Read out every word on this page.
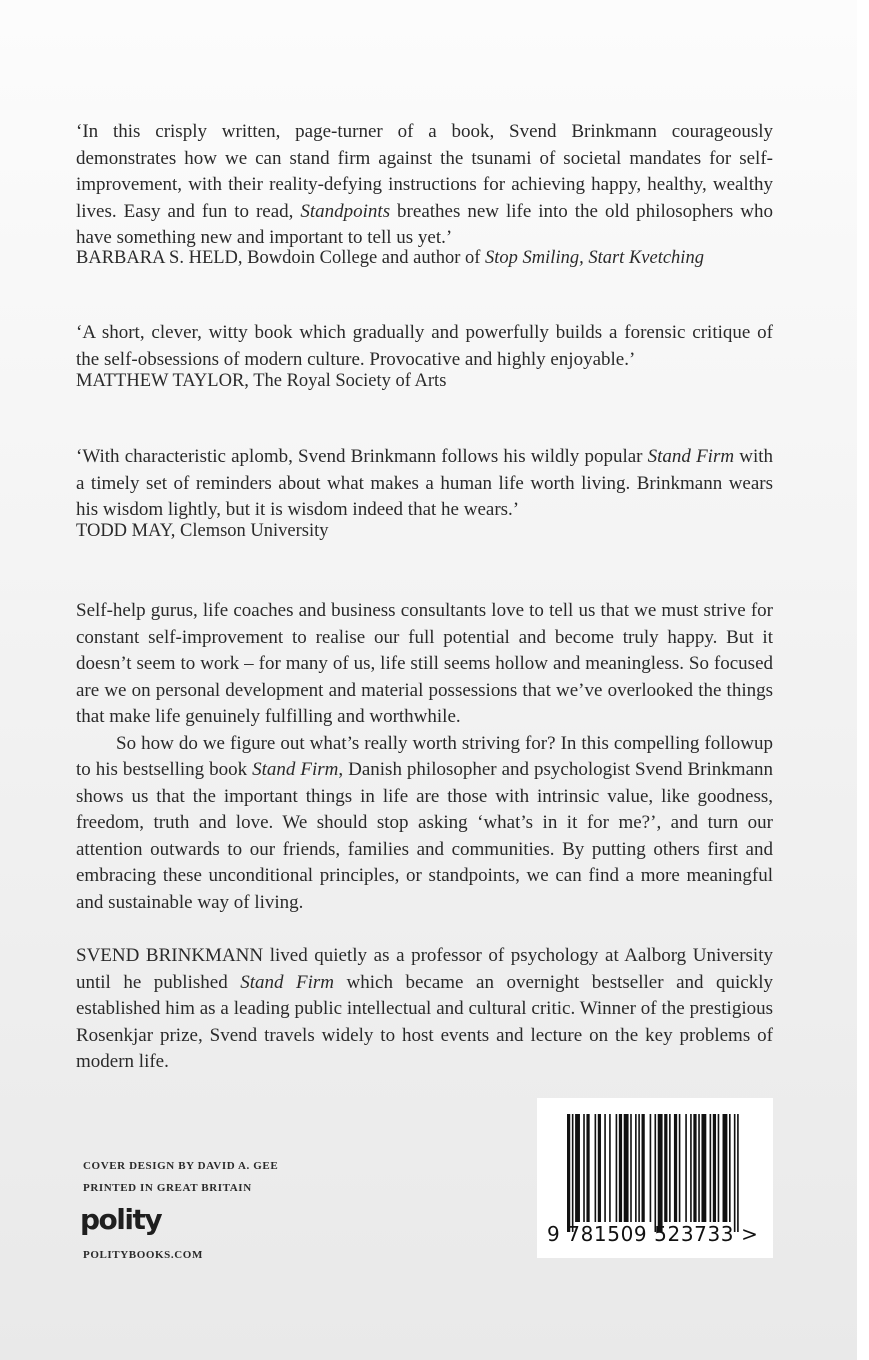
‘In this crisply written, page-turner of a book, Svend Brinkmann courageously demonstrates how we can stand firm against the tsunami of societal mandates for self-improvement, with their reality-defying instructions for achieving happy, healthy, wealthy lives. Easy and fun to read, Standpoints breathes new life into the old philosophers who have something new and important to tell us yet.’

BARBARA S. HELD, Bowdoin College and author of Stop Smiling, Start Kvetching

‘A short, clever, witty book which gradually and powerfully builds a forensic critique of the self-obsessions of modern culture. Provocative and highly enjoyable.’

MATTHEW TAYLOR, The Royal Society of Arts

‘With characteristic aplomb, Svend Brinkmann follows his wildly popular Stand Firm with a timely set of reminders about what makes a human life worth living. Brinkmann wears his wisdom lightly, but it is wisdom indeed that he wears.’

TODD MAY, Clemson University

Self-help gurus, life coaches and business consultants love to tell us that we must strive for constant self-improvement to realise our full potential and become truly happy. But it doesn’t seem to work – for many of us, life still seems hollow and meaningless. So focused are we on personal development and material possessions that we’ve overlooked the things that make life genuinely fulfilling and worthwhile.

So how do we figure out what’s really worth striving for? In this compelling followup to his bestselling book Stand Firm, Danish philosopher and psychologist Svend Brinkmann shows us that the important things in life are those with intrinsic value, like goodness, freedom, truth and love. We should stop asking ‘what’s in it for me?’, and turn our attention outwards to our friends, families and communities. By putting others first and embracing these unconditional principles, or standpoints, we can find a more meaningful and sustainable way of living.

SVEND BRINKMANN lived quietly as a professor of psychology at Aalborg University until he published Stand Firm which became an overnight bestseller and quickly established him as a leading public intellectual and cultural critic. Winner of the prestigious Rosenkjar prize, Svend travels widely to host events and lecture on the key problems of modern life.

COVER DESIGN BY DAVID A. GEE
PRINTED IN GREAT BRITAIN
polity
POLITYBOOKS.COM
9 781509 523733 >
